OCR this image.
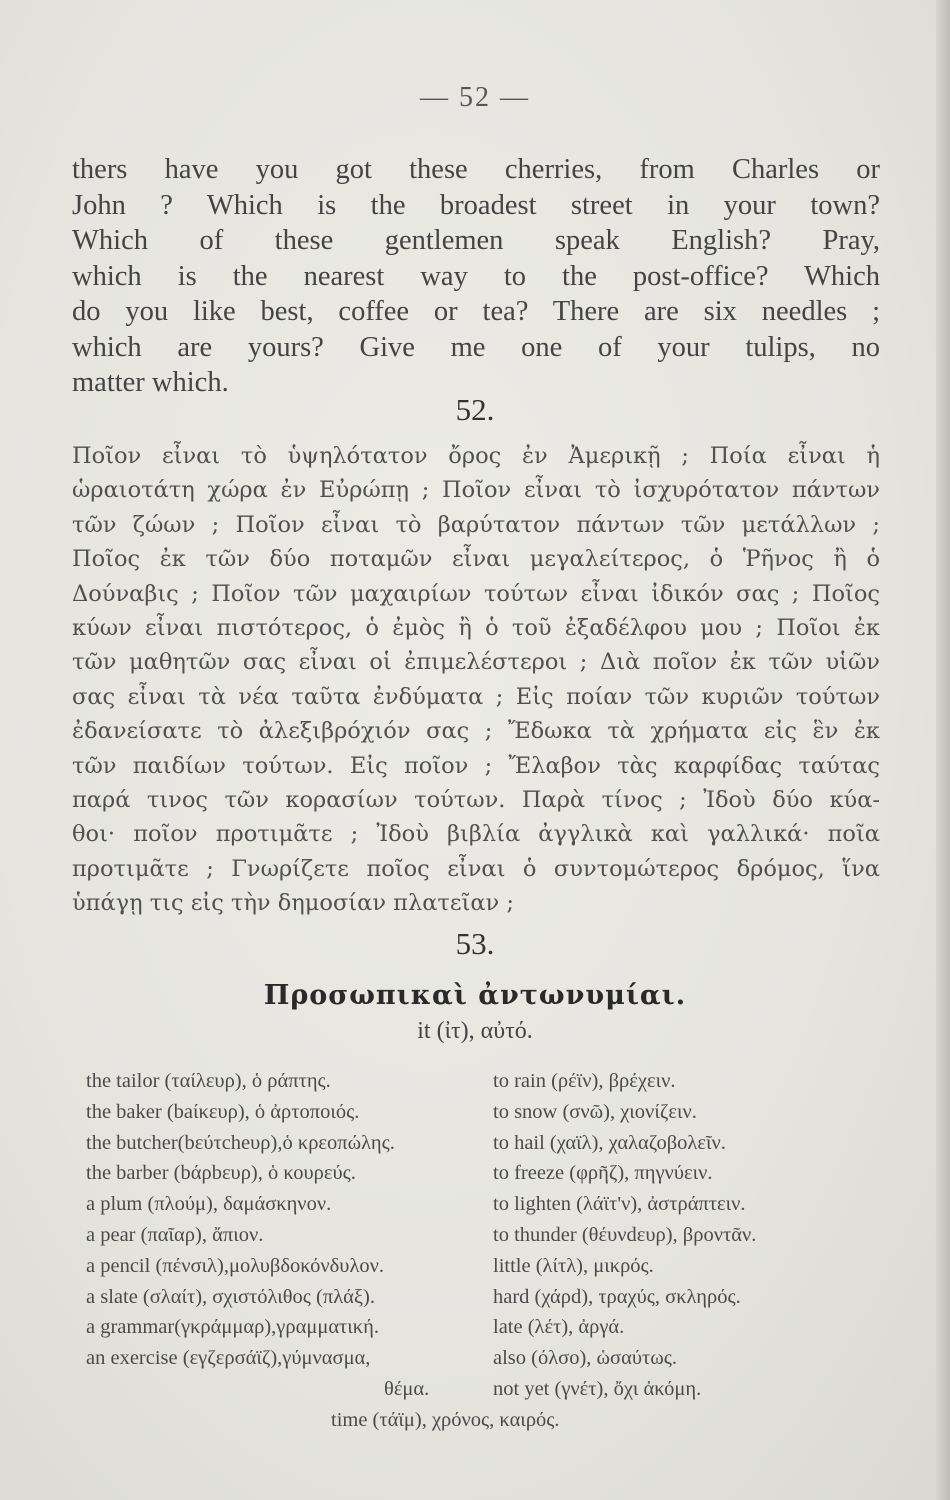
— 52 —
thers have you got these cherries, from Charles or
John ? Which is the broadest street in your town?
Which of these gentlemen speak English? Pray,
which is the nearest way to the post-office? Which
do you like best, coffee or tea? There are six needles ;
which are yours? Give me one of your tulips, no
matter which.
52.
Ποῖον εἶναι τὸ ὑψηλότατον ὄρος ἐν Ἀμερικῇ ; Ποία εἶναι ἡ
ὡραιοτάτη χώρα ἐν Εὐρώπῃ ; Ποῖον εἶναι τὸ ἰσχυρότατον πάντων
τῶν ζώων ; Ποῖον εἶναι τὸ βαρύτατον πάντων τῶν μετάλλων ;
Ποῖος ἐκ τῶν δύο ποταμῶν εἶναι μεγαλείτερος, ὁ Ῥῆνος ἢ ὁ
Δούναβις ; Ποῖον τῶν μαχαιρίων τούτων εἶναι ἰδικόν σας ; Ποῖος
κύων εἶναι πιστότερος, ὁ ἐμὸς ἢ ὁ τοῦ ἐξαδέλφου μου ; Ποῖοι ἐκ
τῶν μαθητῶν σας εἶναι οἱ ἐπιμελέστεροι ; Διὰ ποῖον ἐκ τῶν υἱῶν
σας εἶναι τὰ νέα ταῦτα ἐνδύματα ; Εἰς ποίαν τῶν κυριῶν τούτων
ἐδανείσατε τὸ ἀλεξιβρόχιόν σας ; Ἔδωκα τὰ χρήματα εἰς ἓν ἐκ
τῶν παιδίων τούτων. Εἰς ποῖον ; Ἔλαβον τὰς καρφίδας ταύτας
παρά τινος τῶν κορασίων τούτων. Παρὰ τίνος ; Ἰδοὺ δύο κύα-
θοι· ποῖον προτιμᾶτε ; Ἰδοὺ βιβλία ἀγγλικὰ καὶ γαλλικά· ποῖα
προτιμᾶτε ; Γνωρίζετε ποῖος εἶναι ὁ συντομώτερος δρόμος, ἵνα
ὑπάγῃ τις εἰς τὴν δημοσίαν πλατεῖαν ;
53.
Προσωπικαὶ ἀντωνυμίαι.
it (ἰτ), αὐτό.
the tailor (ταίλευρ), ὁ ράπτης.
the baker (baίκευρ), ὁ ἀρτοποιός.
the butcher(bεύτcheυρ),ὁ κρεοπώλης.
the barber (bάρbευρ), ὁ κουρεύς.
a plum (πλούμ), δαμάσκηνον.
a pear (παῖαρ), ἄπιον.
a pencil (πένσιλ),μολυβδοκόνδυλον.
a slate (σλαίτ), σχιστόλιθος (πλάξ).
a grammar(γκράμμαρ),γραμματική.
an exercise (εγζερσάϊζ),γύμνασμα,
θέμα.
time (τάϊμ), χρόνος, καιρός.
to rain (ρέϊν), βρέχειν.
to snow (σνῶ), χιονίζειν.
to hail (χαϊλ), χαλαζοβολεῖν.
to freeze (φρῆζ), πηγνύειν.
to lighten (λάϊτ'ν), ἀστράπτειν.
to thunder (θέυνdευρ), βροντᾶν.
little (λίτλ), μικρός.
hard (χάρd), τραχύς, σκληρός.
late (λέτ), ἀργά.
also (όλσο), ὡσαύτως.
not yet (γνέτ), ὄχι ἀκόμη.
